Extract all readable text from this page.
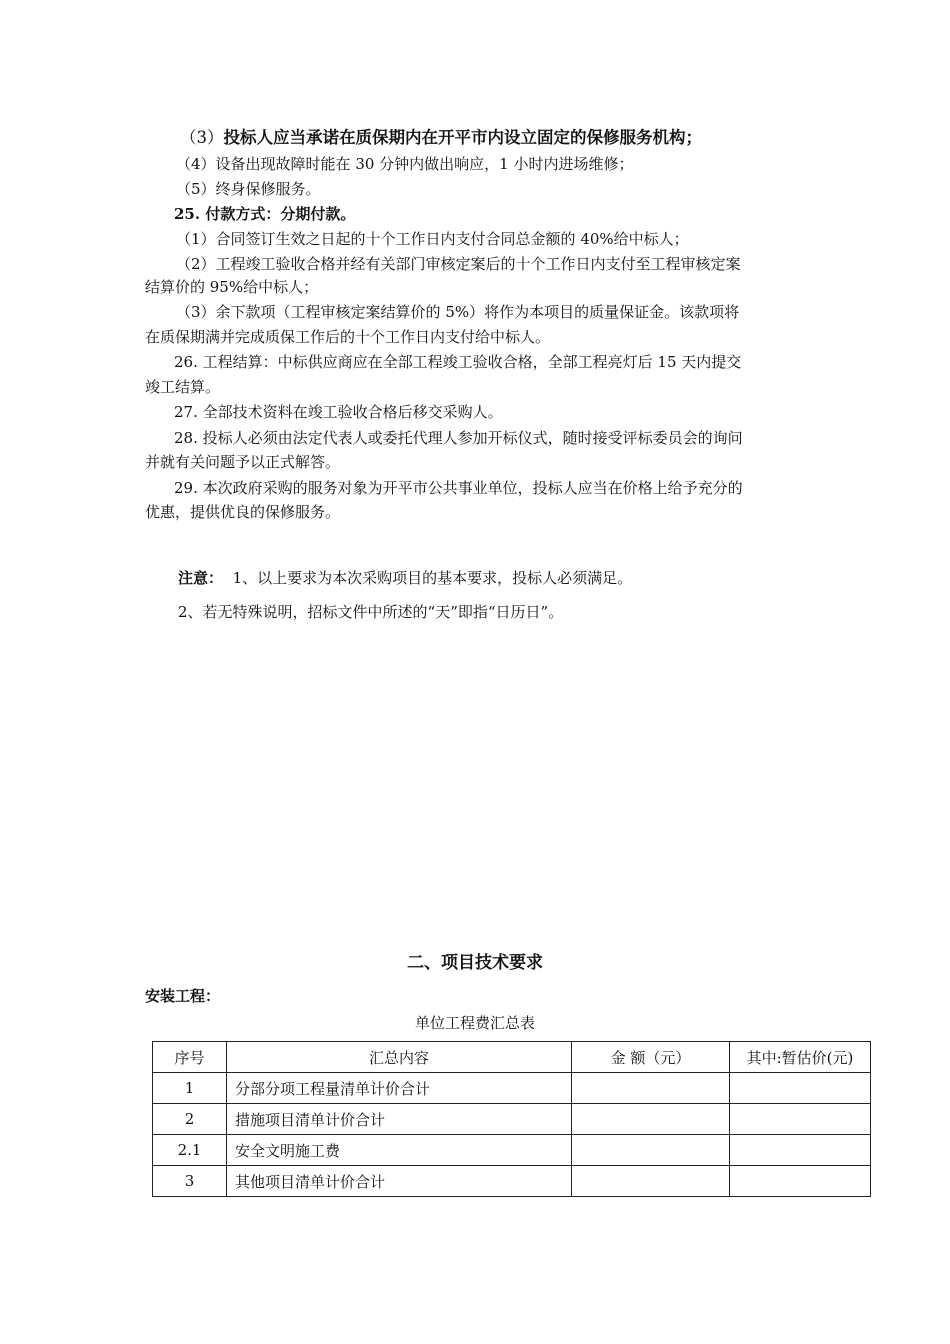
（3）投标人应当承诺在质保期内在开平市内设立固定的保修服务机构；
（4）设备出现故障时能在 30 分钟内做出响应，1 小时内进场维修；
（5）终身保修服务。
25. 付款方式：分期付款。
（1）合同签订生效之日起的十个工作日内支付合同总金额的 40%给中标人；
（2）工程竣工验收合格并经有关部门审核定案后的十个工作日内支付至工程审核定案
结算价的 95%给中标人；
（3）余下款项（工程审核定案结算价的 5%）将作为本项目的质量保证金。该款项将
在质保期满并完成质保工作后的十个工作日内支付给中标人。
26. 工程结算：中标供应商应在全部工程竣工验收合格，全部工程亮灯后 15 天内提交
竣工结算。
27. 全部技术资料在竣工验收合格后移交采购人。
28. 投标人必须由法定代表人或委托代理人参加开标仪式，随时接受评标委员会的询问
并就有关问题予以正式解答。
29. 本次政府采购的服务对象为开平市公共事业单位，投标人应当在价格上给予充分的
优惠，提供优良的保修服务。
注意： 1、以上要求为本次采购项目的基本要求，投标人必须满足。
2、若无特殊说明，招标文件中所述的“天”即指“日历日”。
二、项目技术要求
安装工程：
单位工程费汇总表
序号	汇总内容	金 额（元）	其中:暂估价(元)
1	分部分项工程量清单计价合计		
2	措施项目清单计价合计		
2.1	安全文明施工费		
3	其他项目清单计价合计		
